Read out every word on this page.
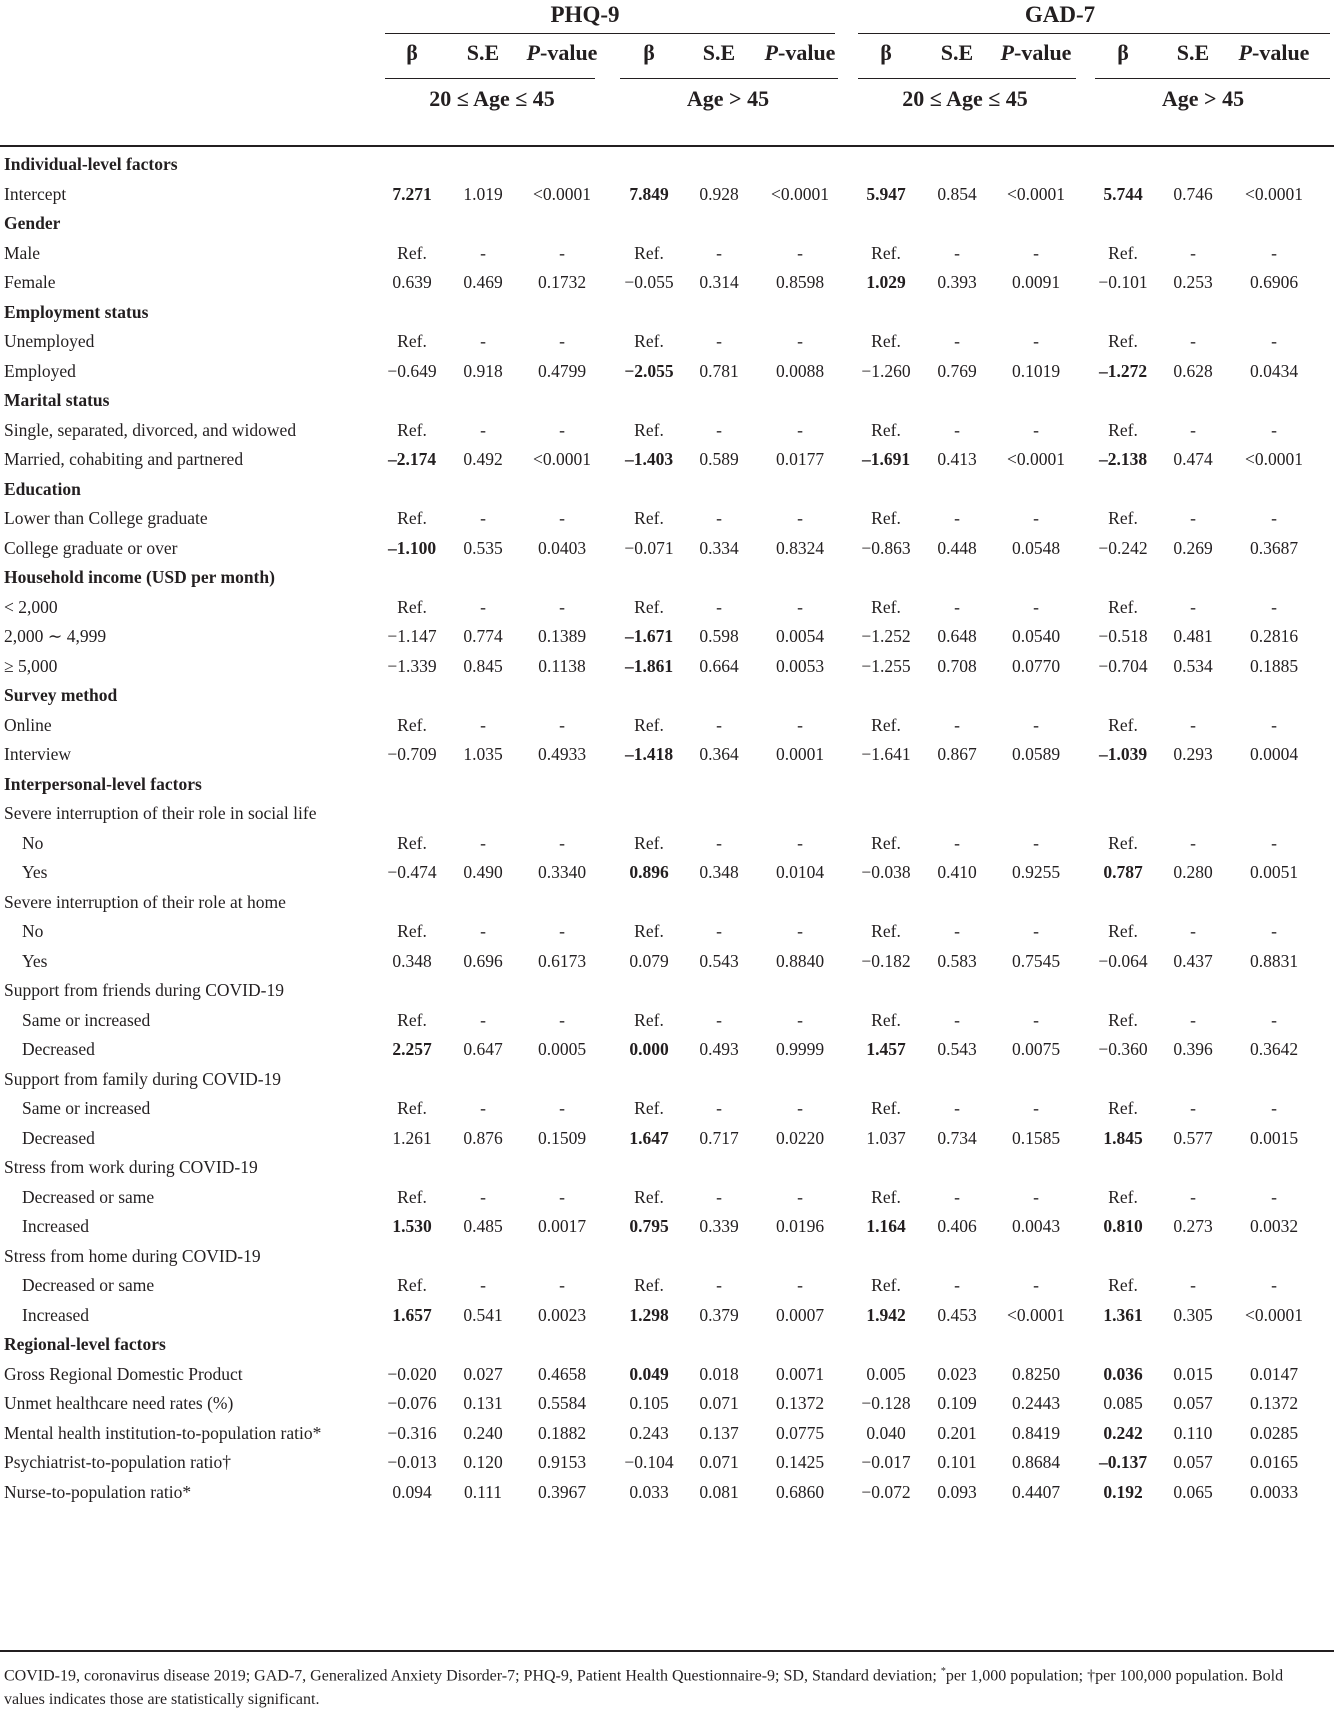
PHQ-9	GAD-7
β	S.E	P-value	β	S.E	P-value	β	S.E	P-value	β	S.E	P-value
20 ≤ Age ≤ 45	Age > 45	20 ≤ Age ≤ 45	Age > 45
Individual-level factors
Intercept	7.271	1.019	<0.0001	7.849	0.928	<0.0001	5.947	0.854	<0.0001	5.744	0.746	<0.0001
Gender
Male	Ref.	-	-	Ref.	-	-	Ref.	-	-	Ref.	-	-
Female	0.639	0.469	0.1732	−0.055	0.314	0.8598	1.029	0.393	0.0091	−0.101	0.253	0.6906
Employment status
Unemployed	Ref.	-	-	Ref.	-	-	Ref.	-	-	Ref.	-	-
Employed	−0.649	0.918	0.4799	−2.055	0.781	0.0088	−1.260	0.769	0.1019	–1.272	0.628	0.0434
Marital status
Single, separated, divorced, and widowed	Ref.	-	-	Ref.	-	-	Ref.	-	-	Ref.	-	-
Married, cohabiting and partnered	–2.174	0.492	<0.0001	–1.403	0.589	0.0177	–1.691	0.413	<0.0001	–2.138	0.474	<0.0001
Education
Lower than College graduate	Ref.	-	-	Ref.	-	-	Ref.	-	-	Ref.	-	-
College graduate or over	–1.100	0.535	0.0403	−0.071	0.334	0.8324	−0.863	0.448	0.0548	−0.242	0.269	0.3687
Household income (USD per month)
< 2,000	Ref.	-	-	Ref.	-	-	Ref.	-	-	Ref.	-	-
2,000 ∼ 4,999	−1.147	0.774	0.1389	–1.671	0.598	0.0054	−1.252	0.648	0.0540	−0.518	0.481	0.2816
≥ 5,000	−1.339	0.845	0.1138	–1.861	0.664	0.0053	−1.255	0.708	0.0770	−0.704	0.534	0.1885
Survey method
Online	Ref.	-	-	Ref.	-	-	Ref.	-	-	Ref.	-	-
Interview	−0.709	1.035	0.4933	–1.418	0.364	0.0001	−1.641	0.867	0.0589	–1.039	0.293	0.0004
Interpersonal-level factors
Severe interruption of their role in social life
No	Ref.	-	-	Ref.	-	-	Ref.	-	-	Ref.	-	-
Yes	−0.474	0.490	0.3340	0.896	0.348	0.0104	−0.038	0.410	0.9255	0.787	0.280	0.0051
Severe interruption of their role at home
No	Ref.	-	-	Ref.	-	-	Ref.	-	-	Ref.	-	-
Yes	0.348	0.696	0.6173	0.079	0.543	0.8840	−0.182	0.583	0.7545	−0.064	0.437	0.8831
Support from friends during COVID-19
Same or increased	Ref.	-	-	Ref.	-	-	Ref.	-	-	Ref.	-	-
Decreased	2.257	0.647	0.0005	0.000	0.493	0.9999	1.457	0.543	0.0075	−0.360	0.396	0.3642
Support from family during COVID-19
Same or increased	Ref.	-	-	Ref.	-	-	Ref.	-	-	Ref.	-	-
Decreased	1.261	0.876	0.1509	1.647	0.717	0.0220	1.037	0.734	0.1585	1.845	0.577	0.0015
Stress from work during COVID-19
Decreased or same	Ref.	-	-	Ref.	-	-	Ref.	-	-	Ref.	-	-
Increased	1.530	0.485	0.0017	0.795	0.339	0.0196	1.164	0.406	0.0043	0.810	0.273	0.0032
Stress from home during COVID-19
Decreased or same	Ref.	-	-	Ref.	-	-	Ref.	-	-	Ref.	-	-
Increased	1.657	0.541	0.0023	1.298	0.379	0.0007	1.942	0.453	<0.0001	1.361	0.305	<0.0001
Regional-level factors
Gross Regional Domestic Product	−0.020	0.027	0.4658	0.049	0.018	0.0071	0.005	0.023	0.8250	0.036	0.015	0.0147
Unmet healthcare need rates (%)	−0.076	0.131	0.5584	0.105	0.071	0.1372	−0.128	0.109	0.2443	0.085	0.057	0.1372
Mental health institution-to-population ratio*	−0.316	0.240	0.1882	0.243	0.137	0.0775	0.040	0.201	0.8419	0.242	0.110	0.0285
Psychiatrist-to-population ratio†	−0.013	0.120	0.9153	−0.104	0.071	0.1425	−0.017	0.101	0.8684	–0.137	0.057	0.0165
Nurse-to-population ratio*	0.094	0.111	0.3967	0.033	0.081	0.6860	−0.072	0.093	0.4407	0.192	0.065	0.0033
COVID-19, coronavirus disease 2019; GAD-7, Generalized Anxiety Disorder-7; PHQ-9, Patient Health Questionnaire-9; SD, Standard deviation; *per 1,000 population; †per 100,000 population. Bold values indicates those are statistically significant.
